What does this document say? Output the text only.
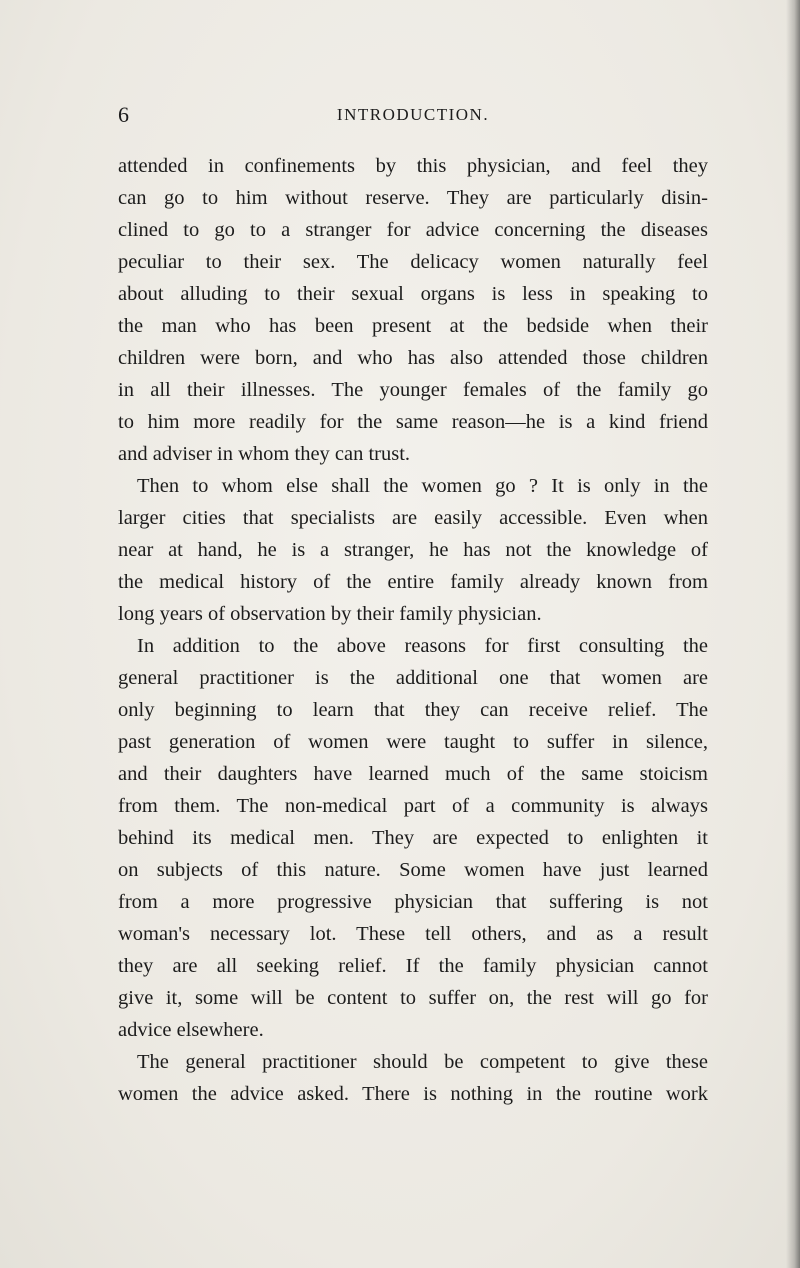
6	INTRODUCTION.
attended in confinements by this physician, and feel they
can go to him without reserve. They are particularly disin-
clined to go to a stranger for advice concerning the diseases
peculiar to their sex. The delicacy women naturally feel
about alluding to their sexual organs is less in speaking to
the man who has been present at the bedside when their
children were born, and who has also attended those children
in all their illnesses. The younger females of the family go
to him more readily for the same reason—he is a kind friend
and adviser in whom they can trust.
Then to whom else shall the women go ? It is only in the
larger cities that specialists are easily accessible. Even when
near at hand, he is a stranger, he has not the knowledge of
the medical history of the entire family already known from
long years of observation by their family physician.
In addition to the above reasons for first consulting the
general practitioner is the additional one that women are
only beginning to learn that they can receive relief. The
past generation of women were taught to suffer in silence,
and their daughters have learned much of the same stoicism
from them. The non-medical part of a community is always
behind its medical men. They are expected to enlighten it
on subjects of this nature. Some women have just learned
from a more progressive physician that suffering is not
woman's necessary lot. These tell others, and as a result
they are all seeking relief. If the family physician cannot
give it, some will be content to suffer on, the rest will go for
advice elsewhere.
The general practitioner should be competent to give these
women the advice asked. There is nothing in the routine work
